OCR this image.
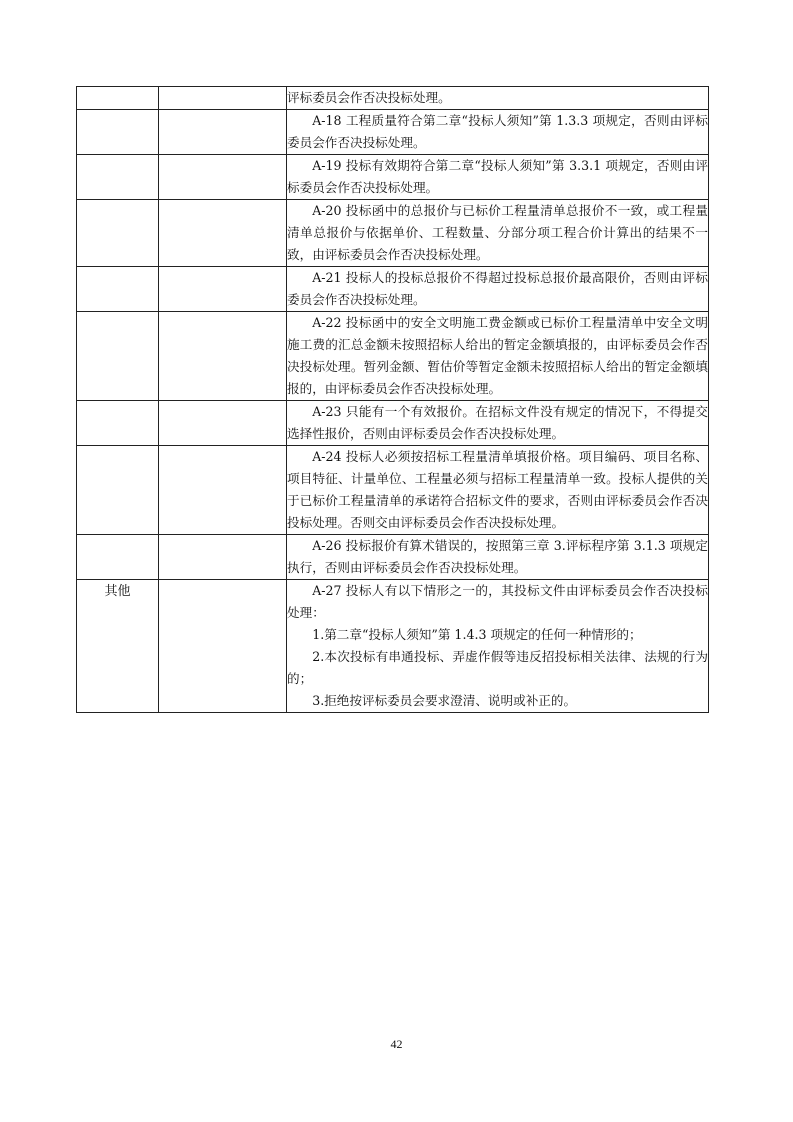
		评标委员会作否决投标处理。

		A-18 工程质量符合第二章“投标人须知”第 1.3.3 项规定，否则由评标委员会作否决投标处理。

		A-19 投标有效期符合第二章“投标人须知”第 3.3.1 项规定，否则由评标委员会作否决投标处理。

		A-20 投标函中的总报价与已标价工程量清单总报价不一致，或工程量清单总报价与依据单价、工程数量、分部分项工程合价计算出的结果不一致，由评标委员会作否决投标处理。

		A-21 投标人的投标总报价不得超过投标总报价最高限价，否则由评标委员会作否决投标处理。

		A-22 投标函中的安全文明施工费金额或已标价工程量清单中安全文明施工费的汇总金额未按照招标人给出的暂定金额填报的，由评标委员会作否决投标处理。暂列金额、暂估价等暂定金额未按照招标人给出的暂定金额填报的，由评标委员会作否决投标处理。

		A-23 只能有一个有效报价。在招标文件没有规定的情况下，不得提交选择性报价，否则由评标委员会作否决投标处理。

		A-24 投标人必须按招标工程量清单填报价格。项目编码、项目名称、项目特征、计量单位、工程量必须与招标工程量清单一致。投标人提供的关于已标价工程量清单的承诺符合招标文件的要求，否则由评标委员会作否决投标处理。否则交由评标委员会作否决投标处理。

		A-26 投标报价有算术错误的，按照第三章 3.评标程序第 3.1.3 项规定执行，否则由评标委员会作否决投标处理。

其他		A-27 投标人有以下情形之一的，其投标文件由评标委员会作否决投标处理：

1.第二章“投标人须知”第 1.4.3 项规定的任何一种情形的；

2.本次投标有串通投标、弄虚作假等违反招投标相关法律、法规的行为的；

3.拒绝按评标委员会要求澄清、说明或补正的。

42
